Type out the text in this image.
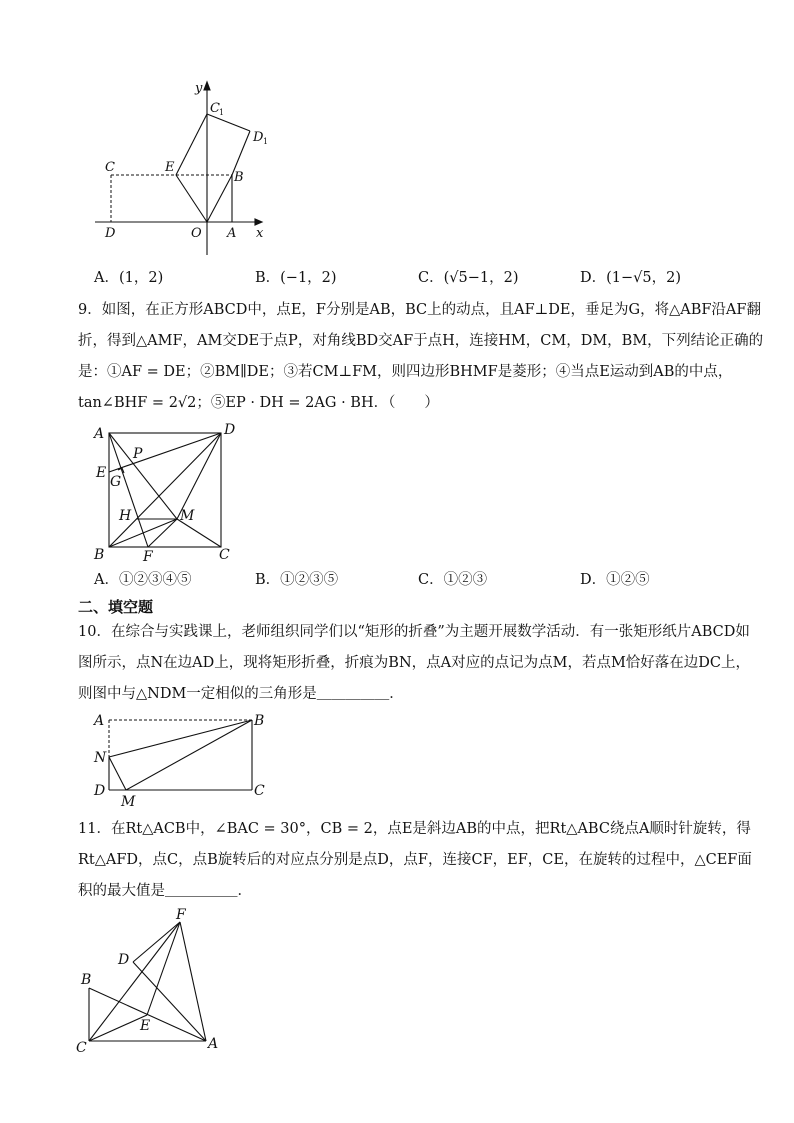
y
x
C 1
D 1
C	E
B
D	O A
A．(1，2)	B．(−1，2)	C．(√5−1，2)	D．(1−√5，2)
9．如图，在正方形ABCD中，点E，F分别是AB，BC上的动点，且AF⊥DE，垂足为G，将△ABF沿AF翻
折，得到△AMF，AM交DE于点P，对角线BD交AF于点H，连接HM，CM，DM，BM，下列结论正确的
是：①AF = DE；②BM∥DE；③若CM⊥FM，则四边形BHMF是菱形；④当点E运动到AB的中点，
tan∠BHF = 2√2；⑤EP · DH = 2AG · BH．（　　）
A	D
P
E
G
H	M
B	F	C
A．①②③④⑤	B．①②③⑤	C．①②③	D．①②⑤
二、填空题
10．在综合与实践课上，老师组织同学们以“矩形的折叠”为主题开展数学活动．有一张矩形纸片ABCD如
图所示，点N在边AD上，现将矩形折叠，折痕为BN，点A对应的点记为点M，若点M恰好落在边DC上，
则图中与△NDM一定相似的三角形是＿＿＿＿＿．
A	B
N
D
M
C
11．在Rt△ACB中，∠BAC = 30°，CB = 2，点E是斜边AB的中点，把Rt△ABC绕点A顺时针旋转，得
Rt△AFD，点C，点B旋转后的对应点分别是点D，点F，连接CF，EF，CE，在旋转的过程中，△CEF面
积的最大值是＿＿＿＿＿．
F
D
B
E
C	A
